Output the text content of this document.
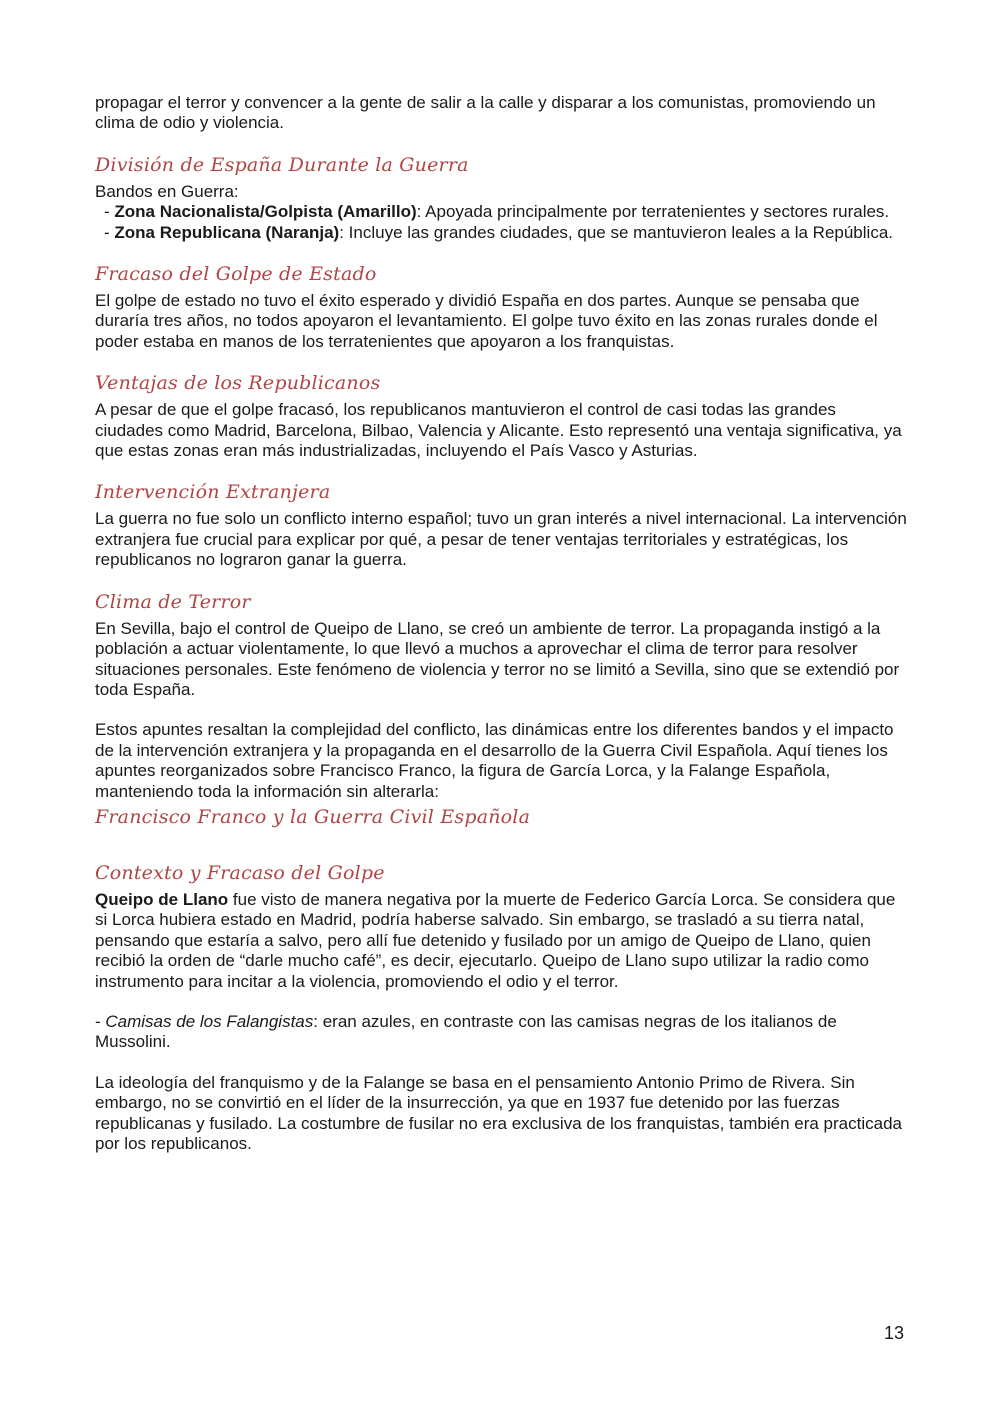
propagar el terror y convencer a la gente de salir a la calle y disparar a los comunistas, promoviendo un clima de odio y violencia.

División de España Durante la Guerra

Bandos en Guerra:

- Zona Nacionalista/Golpista (Amarillo): Apoyada principalmente por terratenientes y sectores rurales.

- Zona Republicana (Naranja): Incluye las grandes ciudades, que se mantuvieron leales a la República.

Fracaso del Golpe de Estado

El golpe de estado no tuvo el éxito esperado y dividió España en dos partes. Aunque se pensaba que duraría tres años, no todos apoyaron el levantamiento. El golpe tuvo éxito en las zonas rurales donde el poder estaba en manos de los terratenientes que apoyaron a los franquistas.

Ventajas de los Republicanos

A pesar de que el golpe fracasó, los republicanos mantuvieron el control de casi todas las grandes ciudades como Madrid, Barcelona, Bilbao, Valencia y Alicante. Esto representó una ventaja significativa, ya que estas zonas eran más industrializadas, incluyendo el País Vasco y Asturias.

Intervención Extranjera

La guerra no fue solo un conflicto interno español; tuvo un gran interés a nivel internacional. La intervención extranjera fue crucial para explicar por qué, a pesar de tener ventajas territoriales y estratégicas, los republicanos no lograron ganar la guerra.

Clima de Terror

En Sevilla, bajo el control de Queipo de Llano, se creó un ambiente de terror. La propaganda instigó a la población a actuar violentamente, lo que llevó a muchos a aprovechar el clima de terror para resolver situaciones personales. Este fenómeno de violencia y terror no se limitó a Sevilla, sino que se extendió por toda España.

Estos apuntes resaltan la complejidad del conflicto, las dinámicas entre los diferentes bandos y el impacto de la intervención extranjera y la propaganda en el desarrollo de la Guerra Civil Española. Aquí tienes los apuntes reorganizados sobre Francisco Franco, la figura de García Lorca, y la Falange Española, manteniendo toda la información sin alterarla:

Francisco Franco y la Guerra Civil Española
Contexto y Fracaso del Golpe

Queipo de Llano fue visto de manera negativa por la muerte de Federico García Lorca. Se considera que si Lorca hubiera estado en Madrid, podría haberse salvado. Sin embargo, se trasladó a su tierra natal, pensando que estaría a salvo, pero allí fue detenido y fusilado por un amigo de Queipo de Llano, quien recibió la orden de “darle mucho café”, es decir, ejecutarlo. Queipo de Llano supo utilizar la radio como instrumento para incitar a la violencia, promoviendo el odio y el terror.

- Camisas de los Falangistas: eran azules, en contraste con las camisas negras de los italianos de Mussolini.

La ideología del franquismo y de la Falange se basa en el pensamiento Antonio Primo de Rivera. Sin embargo, no se convirtió en el líder de la insurrección, ya que en 1937 fue detenido por las fuerzas republicanas y fusilado. La costumbre de fusilar no era exclusiva de los franquistas, también era practicada por los republicanos.

13
